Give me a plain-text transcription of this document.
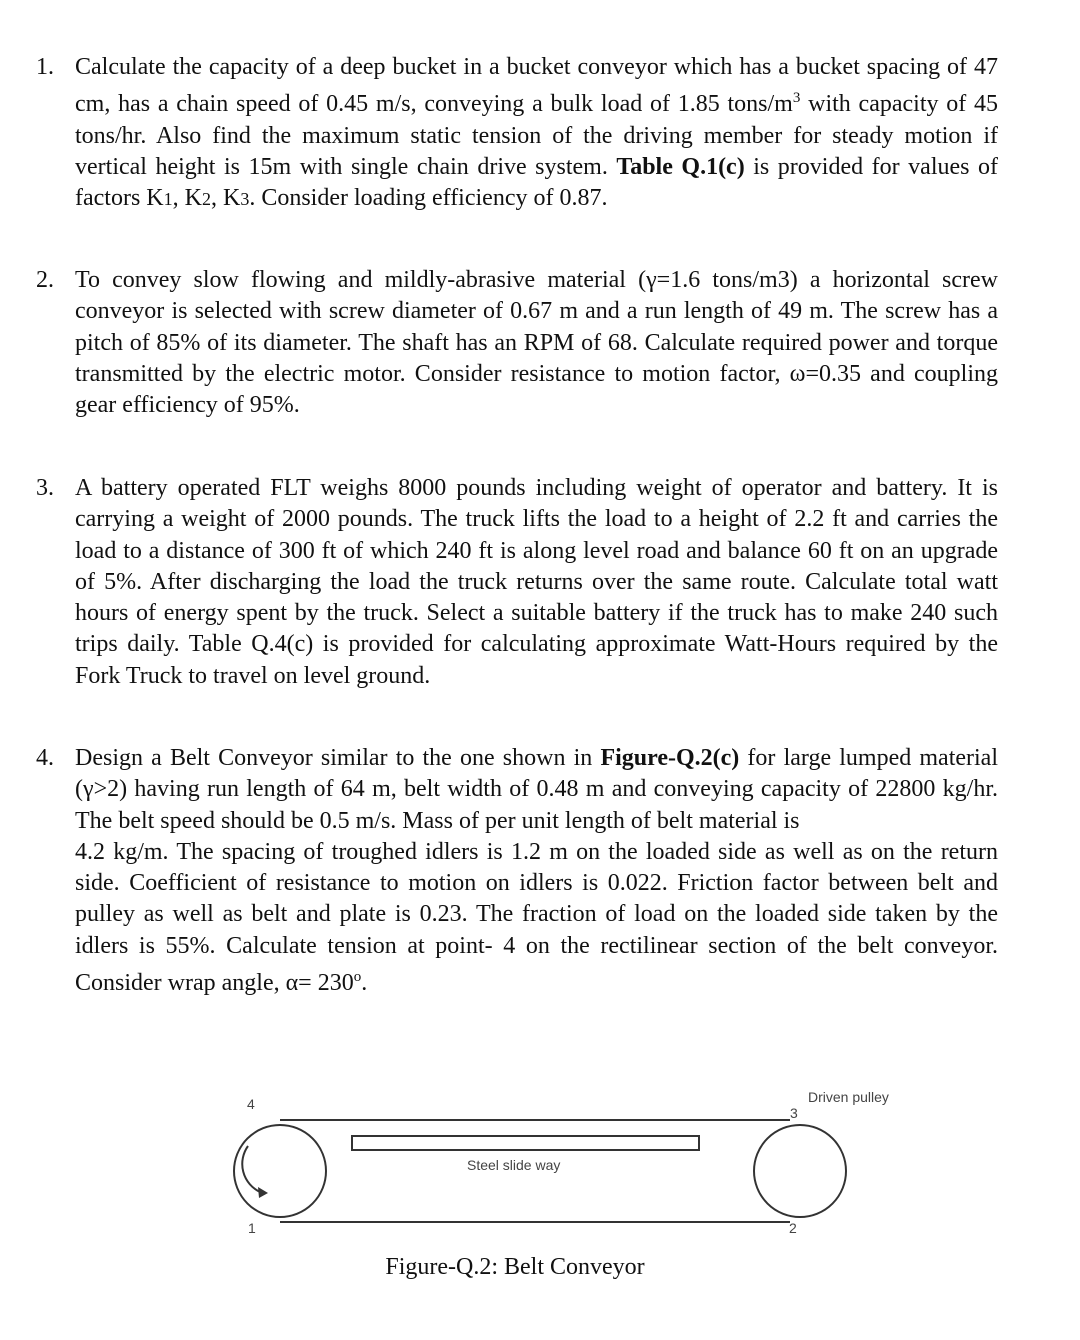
1. Calculate the capacity of a deep bucket in a bucket conveyor which has a bucket spacing of 47 cm, has a chain speed of 0.45 m/s, conveying a bulk load of 1.85 tons/$m^3$ with capacity of 45 tons/hr. Also find the maximum static tension of the driving member for steady motion if vertical height is 15m with single chain drive system. Table Q.1(c) is provided for values of factors K1, K2, K3. Consider loading efficiency of 0.87.

2. To convey slow flowing and mildly-abrasive material (γ=1.6 tons/m3) a horizontal screw conveyor is selected with screw diameter of 0.67 m and a run length of 49 m. The screw has a pitch of 85% of its diameter. The shaft has an RPM of 68. Calculate required power and torque transmitted by the electric motor. Consider resistance to motion factor, ω=0.35 and coupling gear efficiency of 95%.

3. A battery operated FLT weighs 8000 pounds including weight of operator and battery. It is carrying a weight of 2000 pounds. The truck lifts the load to a height of 2.2 ft and carries the load to a distance of 300 ft of which 240 ft is along level road and balance 60 ft on an upgrade of 5%. After discharging the load the truck returns over the same route. Calculate total watt hours of energy spent by the truck. Select a suitable battery if the truck has to make 240 such trips daily. Table Q.4(c) is provided for calculating approximate Watt-Hours required by the Fork Truck to travel on level ground.

4. Design a Belt Conveyor similar to the one shown in Figure-Q.2(c) for large lumped material (γ>2) having run length of 64 m, belt width of 0.48 m and conveying capacity of 22800 kg/hr. The belt speed should be 0.5 m/s. Mass of per unit length of belt material is
4.2 kg/m. The spacing of troughed idlers is 1.2 m on the loaded side as well as on the return side. Coefficient of resistance to motion on idlers is 0.022. Friction factor between belt and pulley as well as belt and plate is 0.23. The fraction of load on the loaded side taken by the idlers is 55%. Calculate tension at point- 4 on the rectilinear section of the belt conveyor. Consider wrap angle, $\alpha= 230^o$.

4
1	2
3
Driven pulley
Steel slide way
Figure-Q.2: Belt Conveyor
